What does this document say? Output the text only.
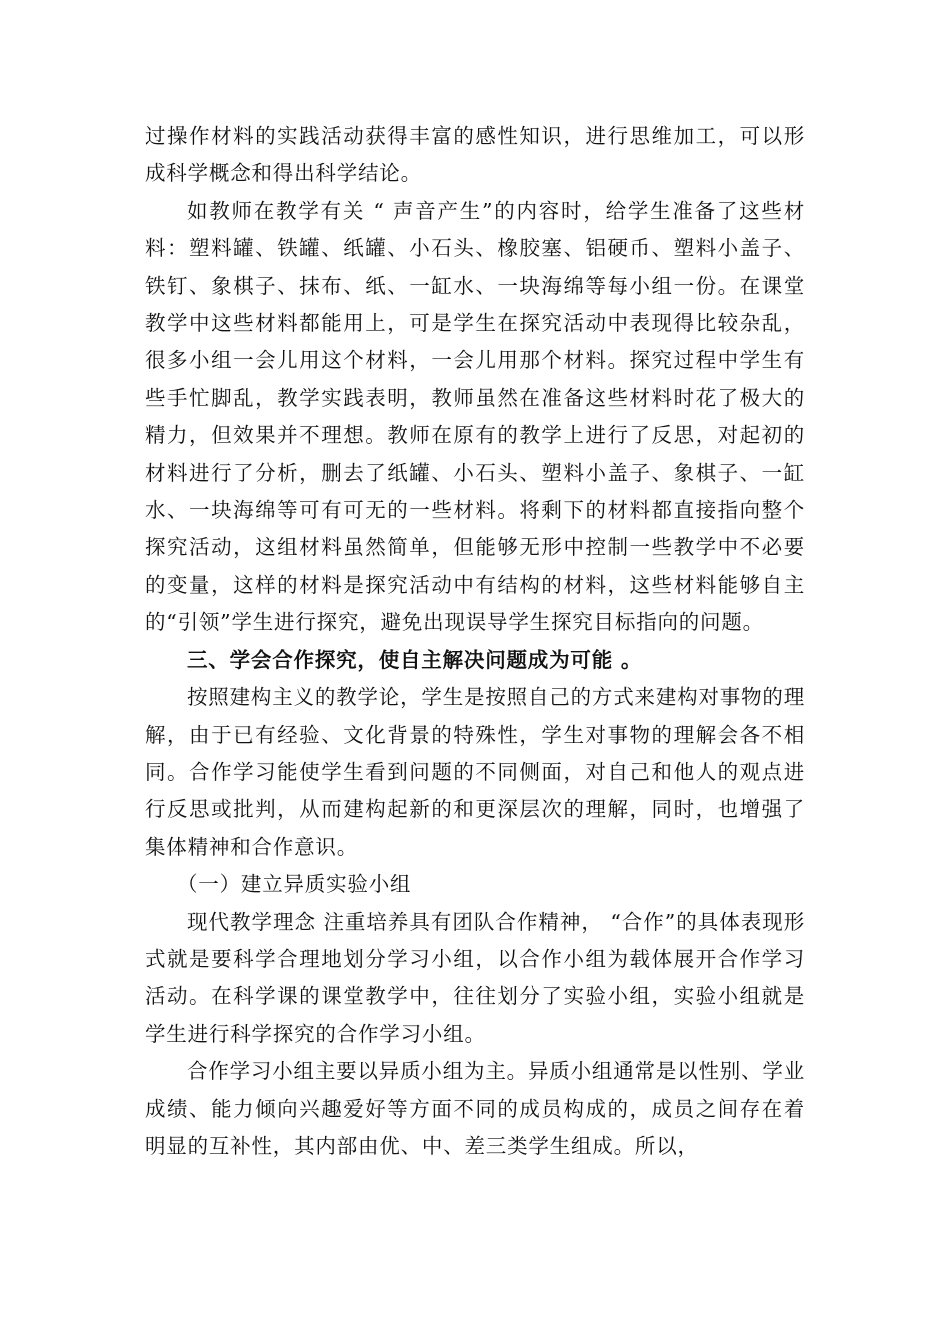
过操作材料的实践活动获得丰富的感性知识，进行思维加工，可以形成科学概念和得出科学结论。

如教师在教学有关 “ 声音产生”的内容时，给学生准备了这些材料：塑料罐、铁罐、纸罐、小石头、橡胶塞、铝硬币、塑料小盖子、铁钉、象棋子、抹布、纸、一缸水、一块海绵等每小组一份。在课堂教学中这些材料都能用上，可是学生在探究活动中表现得比较杂乱，很多小组一会儿用这个材料，一会儿用那个材料。探究过程中学生有些手忙脚乱，教学实践表明，教师虽然在准备这些材料时花了极大的精力，但效果并不理想。教师在原有的教学上进行了反思，对起初的材料进行了分析，删去了纸罐、小石头、塑料小盖子、象棋子、一缸水、一块海绵等可有可无的一些材料。将剩下的材料都直接指向整个探究活动，这组材料虽然简单，但能够无形中控制一些教学中不必要的变量，这样的材料是探究活动中有结构的材料，这些材料能够自主的“引领”学生进行探究，避免出现误导学生探究目标指向的问题。

三、学会合作探究，使自主解决问题成为可能 。

按照建构主义的教学论，学生是按照自己的方式来建构对事物的理解，由于已有经验、文化背景的特殊性，学生对事物的理解会各不相同。合作学习能使学生看到问题的不同侧面，对自己和他人的观点进行反思或批判，从而建构起新的和更深层次的理解，同时，也增强了集体精神和合作意识。

（一）建立异质实验小组

现代教学理念 注重培养具有团队合作精神， “合作”的具体表现形式就是要科学合理地划分学习小组，以合作小组为载体展开合作学习活动。在科学课的课堂教学中，往往划分了实验小组，实验小组就是学生进行科学探究的合作学习小组。

合作学习小组主要以异质小组为主。异质小组通常是以性别、学业成绩、能力倾向兴趣爱好等方面不同的成员构成的，成员之间存在着明显的互补性，其内部由优、中、差三类学生组成。所以，
